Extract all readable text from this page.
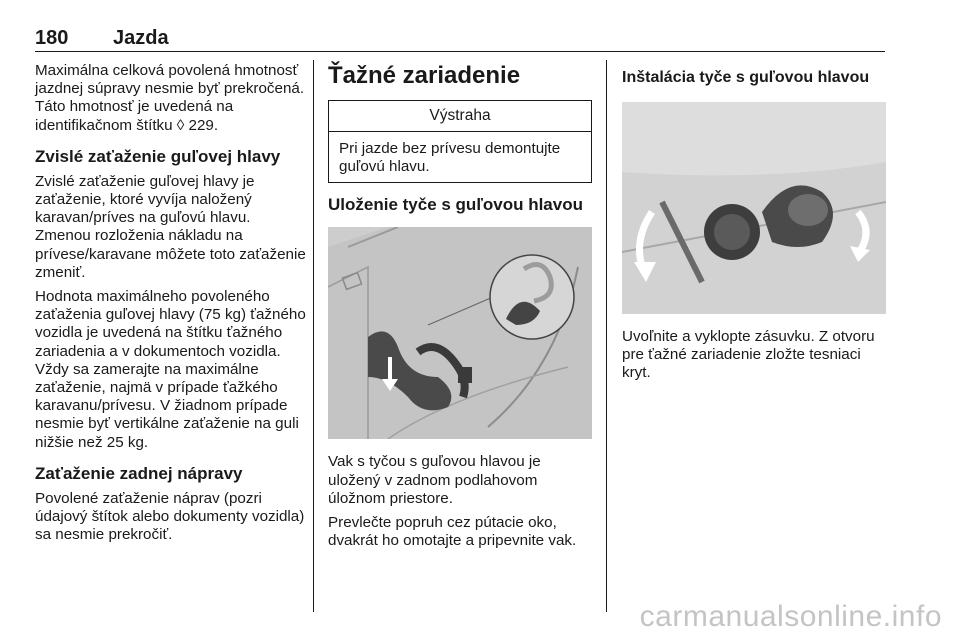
180 Jazda

Maximálna celková povolená hmotnosť jazdnej súpravy nesmie byť prekročená. Táto hmotnosť je uvedená na identifikačnom štítku ◊ 229.

Zvislé zaťaženie guľovej hlavy

Zvislé zaťaženie guľovej hlavy je zaťaženie, ktoré vyvíja naložený karavan/príves na guľovú hlavu. Zmenou rozloženia nákladu na prívese/karavane môžete toto zaťaženie zmeniť.

Hodnota maximálneho povoleného zaťaženia guľovej hlavy (75 kg) ťažného vozidla je uvedená na štítku ťažného zariadenia a v dokumentoch vozidla. Vždy sa zamerajte na maximálne zaťaženie, najmä v prípade ťažkého karavanu/prívesu. V žiadnom prípade nesmie byť vertikálne zaťaženie na guli nižšie než 25 kg.

Zaťaženie zadnej nápravy

Povolené zaťaženie náprav (pozri údajový štítok alebo dokumenty vozidla) sa nesmie prekročiť.

Ťažné zariadenie
Výstraha

Pri jazde bez prívesu demontujte guľovú hlavu.

Uloženie tyče s guľovou hlavou

Vak s tyčou s guľovou hlavou je uložený v zadnom podlahovom úložnom priestore.

Prevlečte popruh cez pútacie oko, dvakrát ho omotajte a pripevnite vak.

Inštalácia tyče s guľovou hlavou

Uvoľnite a vyklopte zásuvku. Z otvoru pre ťažné zariadenie zložte tesniaci kryt.

carmanualsonline.info
